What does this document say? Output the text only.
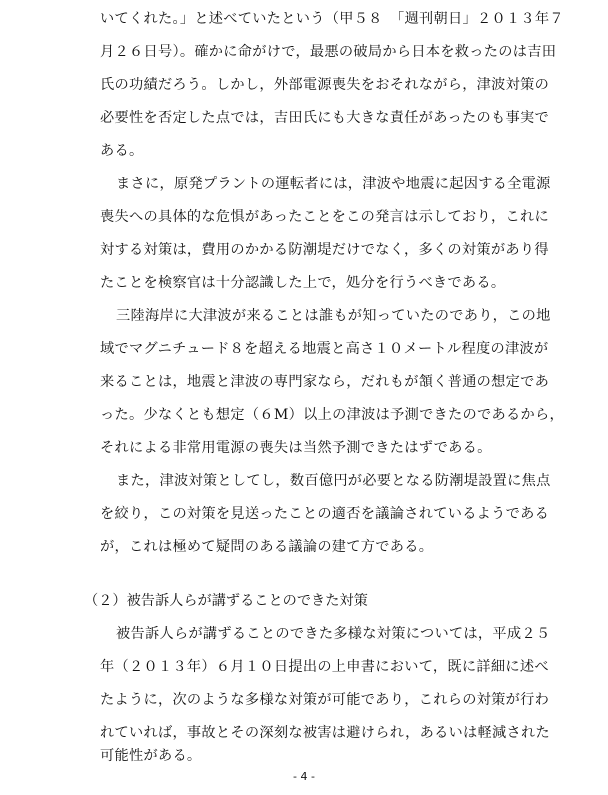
いてくれた。」と述べていたという（甲５８　「週刊朝日」２０１３年７
月２６日号）。確かに命がけで，最悪の破局から日本を救ったのは吉田
氏の功績だろう。しかし，外部電源喪失をおそれながら，津波対策の
必要性を否定した点では，吉田氏にも大きな責任があったのも事実で
ある。
まさに，原発プラントの運転者には，津波や地震に起因する全電源
喪失への具体的な危惧があったことをこの発言は示しており，これに
対する対策は，費用のかかる防潮堤だけでなく，多くの対策があり得
たことを検察官は十分認識した上で，処分を行うべきである。
三陸海岸に大津波が来ることは誰もが知っていたのであり，この地
域でマグニチュード８を超える地震と高さ１０メートル程度の津波が
来ることは，地震と津波の専門家なら，だれもが頷く普通の想定であ
った。少なくとも想定（６M）以上の津波は予測できたのであるから，
それによる非常用電源の喪失は当然予測できたはずである。
また，津波対策としてし，数百億円が必要となる防潮堤設置に焦点
を絞り，この対策を見送ったことの適否を議論されているようである
が，これは極めて疑問のある議論の建て方である。
（２）被告訴人らが講ずることのできた対策
被告訴人らが講ずることのできた多様な対策については，平成２５
年（２０１３年）６月１０日提出の上申書において，既に詳細に述べ
たように，次のような多様な対策が可能であり，これらの対策が行わ
れていれば，事故とその深刻な被害は避けられ，あるいは軽減された
- 4 -
可能性がある。
